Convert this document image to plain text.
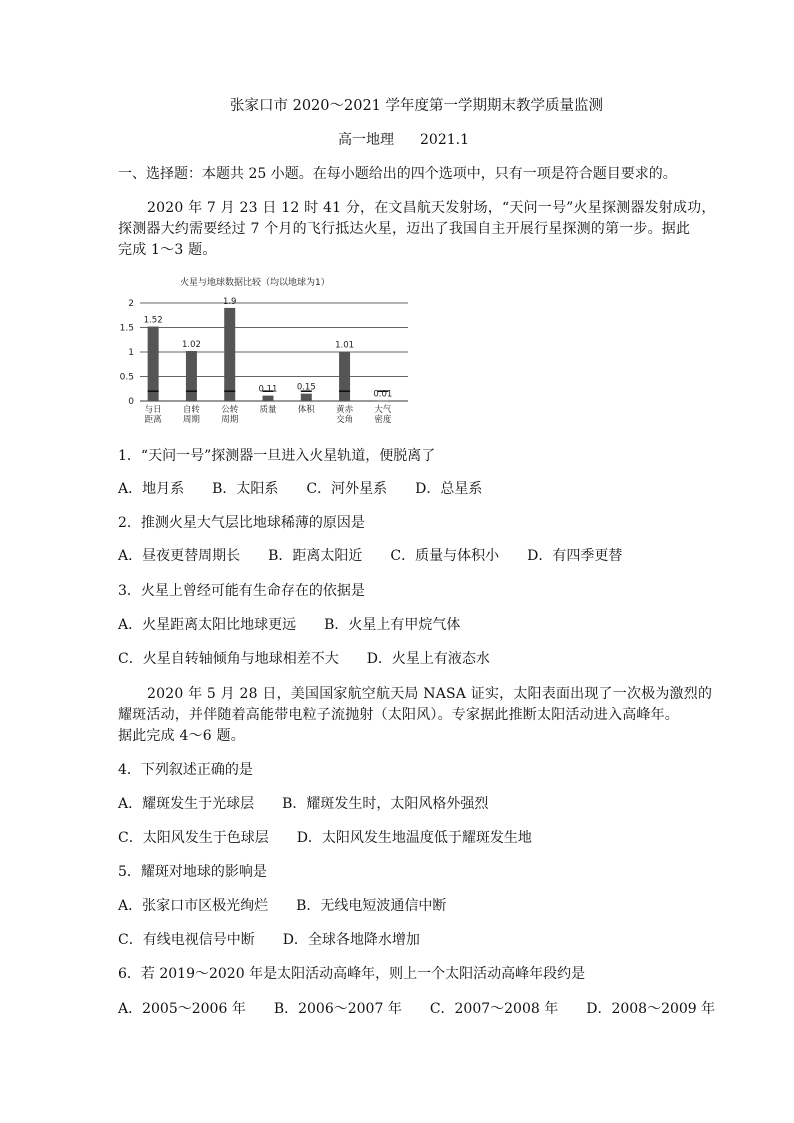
张家口市 2020～2021 学年度第一学期期末教学质量监测
高一地理 2021.1
一、选择题：本题共 25 小题。在每小题给出的四个选项中，只有一项是符合题目要求的。
2020 年 7 月 23 日 12 时 41 分，在文昌航天发射场，“天问一号”火星探测器发射成功，
探测器大约需要经过 7 个月的飞行抵达火星，迈出了我国自主开展行星探测的第一步。据此
完成 1～3 题。
火星与地球数据比较（均以地球为1）
0
0.5
1
1.5
2
1.52
1.02
1.9
0.11 0.15
1.01
0.01
与日
距离
自转
周期
公转
周期
质量	体积	黄赤
交角
大气
密度
1．“天问一号”探测器一旦进入火星轨道，便脱离了
A．地月系　　B．太阳系　　C．河外星系　　D．总星系
2．推测火星大气层比地球稀薄的原因是
A．昼夜更替周期长　　B．距离太阳近　　C．质量与体积小　　D．有四季更替
3．火星上曾经可能有生命存在的依据是
A．火星距离太阳比地球更远　　B．火星上有甲烷气体
C．火星自转轴倾角与地球相差不大　　D．火星上有液态水
2020 年 5 月 28 日，美国国家航空航天局 NASA 证实，太阳表面出现了一次极为激烈的
耀斑活动，并伴随着高能带电粒子流抛射（太阳风）。专家据此推断太阳活动进入高峰年。
据此完成 4～6 题。
4．下列叙述正确的是
A．耀斑发生于光球层　　B．耀斑发生时，太阳风格外强烈
C．太阳风发生于色球层　　D．太阳风发生地温度低于耀斑发生地
5．耀斑对地球的影响是
A．张家口市区极光绚烂　　B．无线电短波通信中断
C．有线电视信号中断　　D．全球各地降水增加
6．若 2019～2020 年是太阳活动高峰年，则上一个太阳活动高峰年段约是
A．2005～2006 年　　B．2006～2007 年　　C．2007～2008 年　　D．2008～2009 年
